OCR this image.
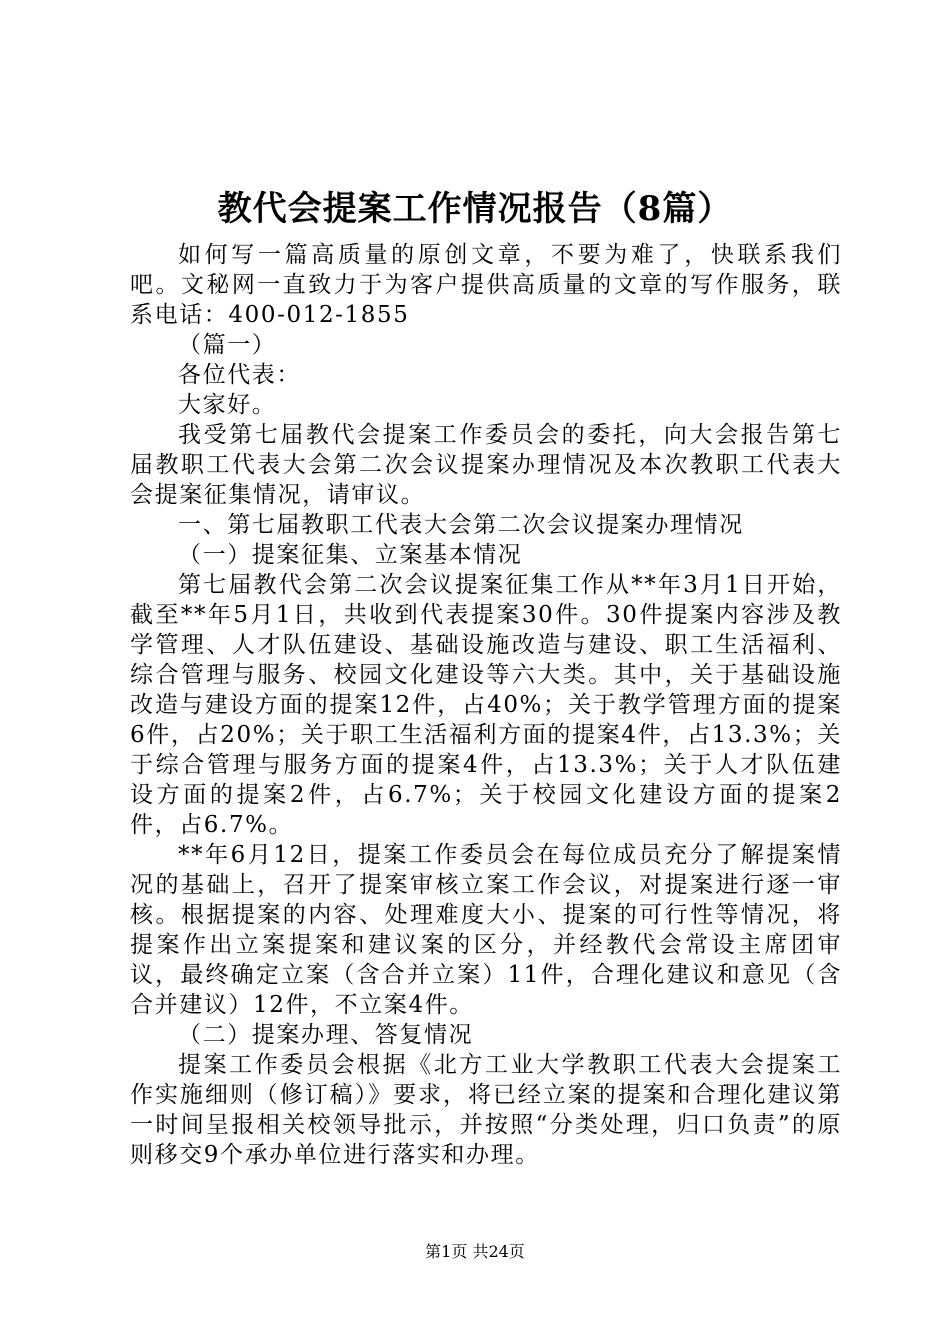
教代会提案工作情况报告（8篇）

如何写一篇高质量的原创文章，不要为难了，快联系我们吧。文秘网一直致力于为客户提供高质量的文章的写作服务，联系电话：400-012-1855

（篇一）

各位代表：

大家好。

我受第七届教代会提案工作委员会的委托，向大会报告第七届教职工代表大会第二次会议提案办理情况及本次教职工代表大会提案征集情况，请审议。

一、第七届教职工代表大会第二次会议提案办理情况

（一）提案征集、立案基本情况

第七届教代会第二次会议提案征集工作从**年3月1日开始，截至**年5月1日，共收到代表提案30件。30件提案内容涉及教学管理、人才队伍建设、基础设施改造与建设、职工生活福利、综合管理与服务、校园文化建设等六大类。其中，关于基础设施改造与建设方面的提案12件，占40%；关于教学管理方面的提案6件，占20%；关于职工生活福利方面的提案4件，占13.3%；关于综合管理与服务方面的提案4件，占13.3%；关于人才队伍建设方面的提案2件，占6.7%；关于校园文化建设方面的提案2件，占6.7%。

**年6月12日，提案工作委员会在每位成员充分了解提案情况的基础上，召开了提案审核立案工作会议，对提案进行逐一审核。根据提案的内容、处理难度大小、提案的可行性等情况，将提案作出立案提案和建议案的区分，并经教代会常设主席团审议，最终确定立案（含合并立案）11件，合理化建议和意见（含合并建议）12件，不立案4件。

（二）提案办理、答复情况

提案工作委员会根据《北方工业大学教职工代表大会提案工作实施细则（修订稿）》要求，将已经立案的提案和合理化建议第一时间呈报相关校领导批示，并按照“分类处理，归口负责”的原则移交9个承办单位进行落实和办理。

第1页 共24页
